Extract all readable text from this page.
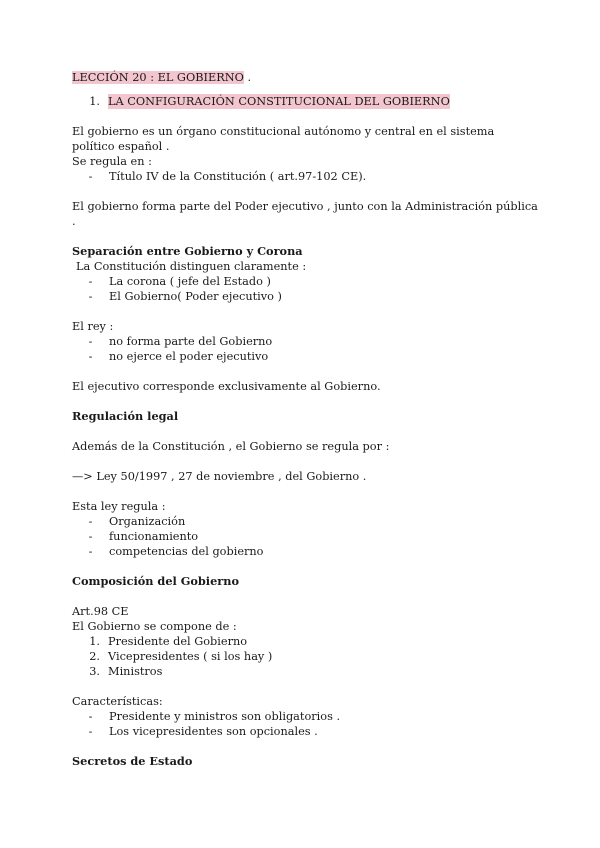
LECCIÓN 20 : EL GOBIERNO .

1. LA CONFIGURACIÓN CONSTITUCIONAL DEL GOBIERNO

El gobierno es un órgano constitucional autónomo y central en el sistema político español .

Se regula en :

-	Título IV de la Constitución ( art.97-102 CE).

El gobierno forma parte del Poder ejecutivo , junto con la Administración pública .

Separación entre Gobierno y Corona

La Constitución distinguen claramente :

-	La corona ( jefe del Estado )
-	El Gobierno( Poder ejecutivo )

El rey :

-	no forma parte del Gobierno
-	no ejerce el poder ejecutivo

El ejecutivo corresponde exclusivamente al Gobierno.

Regulación legal

Además de la Constitución , el Gobierno se regula por :

—> Ley 50/1997 , 27 de noviembre , del Gobierno .

Esta ley regula :

-	Organización
-	funcionamiento
-	competencias del gobierno
Composición del Gobierno

Art.98 CE

El Gobierno se compone de :

1. Presidente del Gobierno
2. Vicepresidentes ( si los hay )
3. Ministros

Características:

-	Presidente y ministros son obligatorios .
-	Los vicepresidentes son opcionales .
Secretos de Estado
